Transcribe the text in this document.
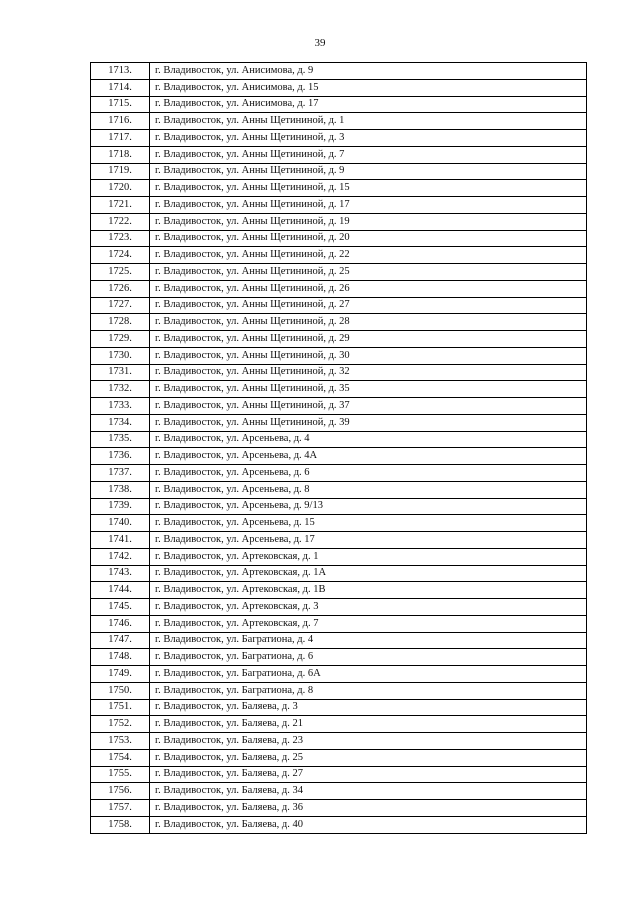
39
1713.	г. Владивосток, ул. Анисимова, д. 9
1714.	г. Владивосток, ул. Анисимова, д. 15
1715.	г. Владивосток, ул. Анисимова, д. 17
1716.	г. Владивосток, ул. Анны Щетининой, д. 1
1717.	г. Владивосток, ул. Анны Щетининой, д. 3
1718.	г. Владивосток, ул. Анны Щетининой, д. 7
1719.	г. Владивосток, ул. Анны Щетининой, д. 9
1720.	г. Владивосток, ул. Анны Щетининой, д. 15
1721.	г. Владивосток, ул. Анны Щетининой, д. 17
1722.	г. Владивосток, ул. Анны Щетининой, д. 19
1723.	г. Владивосток, ул. Анны Щетининой, д. 20
1724.	г. Владивосток, ул. Анны Щетининой, д. 22
1725.	г. Владивосток, ул. Анны Щетининой, д. 25
1726.	г. Владивосток, ул. Анны Щетининой, д. 26
1727.	г. Владивосток, ул. Анны Щетининой, д. 27
1728.	г. Владивосток, ул. Анны Щетининой, д. 28
1729.	г. Владивосток, ул. Анны Щетининой, д. 29
1730.	г. Владивосток, ул. Анны Щетининой, д. 30
1731.	г. Владивосток, ул. Анны Щетининой, д. 32
1732.	г. Владивосток, ул. Анны Щетининой, д. 35
1733.	г. Владивосток, ул. Анны Щетининой, д. 37
1734.	г. Владивосток, ул. Анны Щетининой, д. 39
1735.	г. Владивосток, ул. Арсеньева, д. 4
1736.	г. Владивосток, ул. Арсеньева, д. 4А
1737.	г. Владивосток, ул. Арсеньева, д. 6
1738.	г. Владивосток, ул. Арсеньева, д. 8
1739.	г. Владивосток, ул. Арсеньева, д. 9/13
1740.	г. Владивосток, ул. Арсеньева, д. 15
1741.	г. Владивосток, ул. Арсеньева, д. 17
1742.	г. Владивосток, ул. Артековская, д. 1
1743.	г. Владивосток, ул. Артековская, д. 1А
1744.	г. Владивосток, ул. Артековская, д. 1В
1745.	г. Владивосток, ул. Артековская, д. 3
1746.	г. Владивосток, ул. Артековская, д. 7
1747.	г. Владивосток, ул. Багратиона, д. 4
1748.	г. Владивосток, ул. Багратиона, д. 6
1749.	г. Владивосток, ул. Багратиона, д. 6А
1750.	г. Владивосток, ул. Багратиона, д. 8
1751.	г. Владивосток, ул. Баляева, д. 3
1752.	г. Владивосток, ул. Баляева, д. 21
1753.	г. Владивосток, ул. Баляева, д. 23
1754.	г. Владивосток, ул. Баляева, д. 25
1755.	г. Владивосток, ул. Баляева, д. 27
1756.	г. Владивосток, ул. Баляева, д. 34
1757.	г. Владивосток, ул. Баляева, д. 36
1758.	г. Владивосток, ул. Баляева, д. 40
